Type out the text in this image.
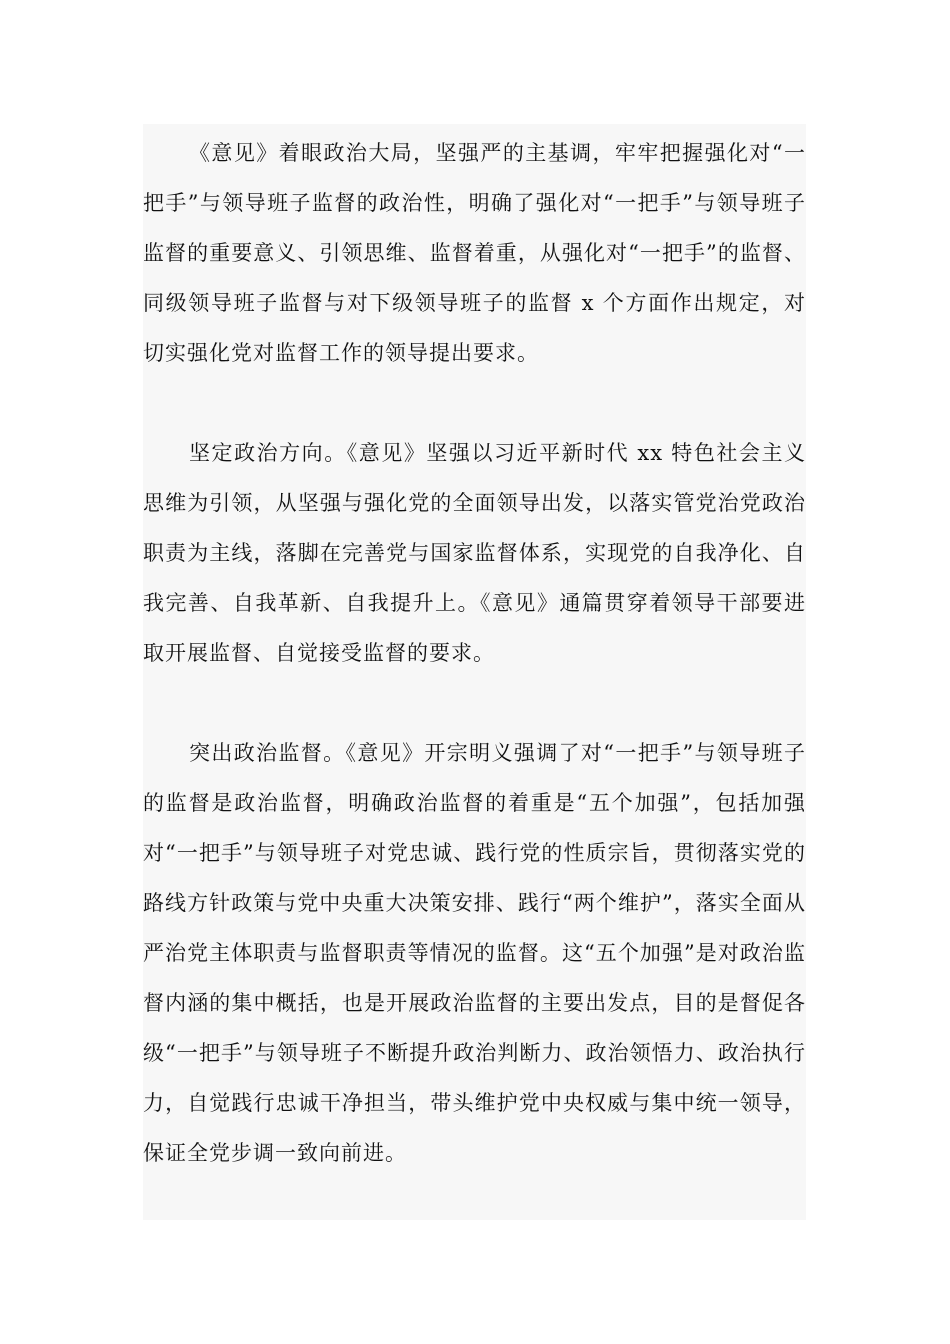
《意见》着眼政治大局，坚强严的主基调，牢牢把握强化对“一把手”与领导班子监督的政治性，明确了强化对“一把手”与领导班子监督的重要意义、引领思维、监督着重，从强化对“一把手”的监督、同级领导班子监督与对下级领导班子的监督 x 个方面作出规定，对切实强化党对监督工作的领导提出要求。

坚定政治方向。《意见》坚强以习近平新时代 xx 特色社会主义思维为引领，从坚强与强化党的全面领导出发，以落实管党治党政治职责为主线，落脚在完善党与国家监督体系，实现党的自我净化、自我完善、自我革新、自我提升上。《意见》通篇贯穿着领导干部要进取开展监督、自觉接受监督的要求。

突出政治监督。《意见》开宗明义强调了对“一把手”与领导班子的监督是政治监督，明确政治监督的着重是“五个加强”，包括加强对“一把手”与领导班子对党忠诚、践行党的性质宗旨，贯彻落实党的路线方针政策与党中央重大决策安排、践行“两个维护”，落实全面从严治党主体职责与监督职责等情况的监督。这“五个加强”是对政治监督内涵的集中概括，也是开展政治监督的主要出发点，目的是督促各级“一把手”与领导班子不断提升政治判断力、政治领悟力、政治执行力，自觉践行忠诚干净担当，带头维护党中央权威与集中统一领导，保证全党步调一致向前进。
